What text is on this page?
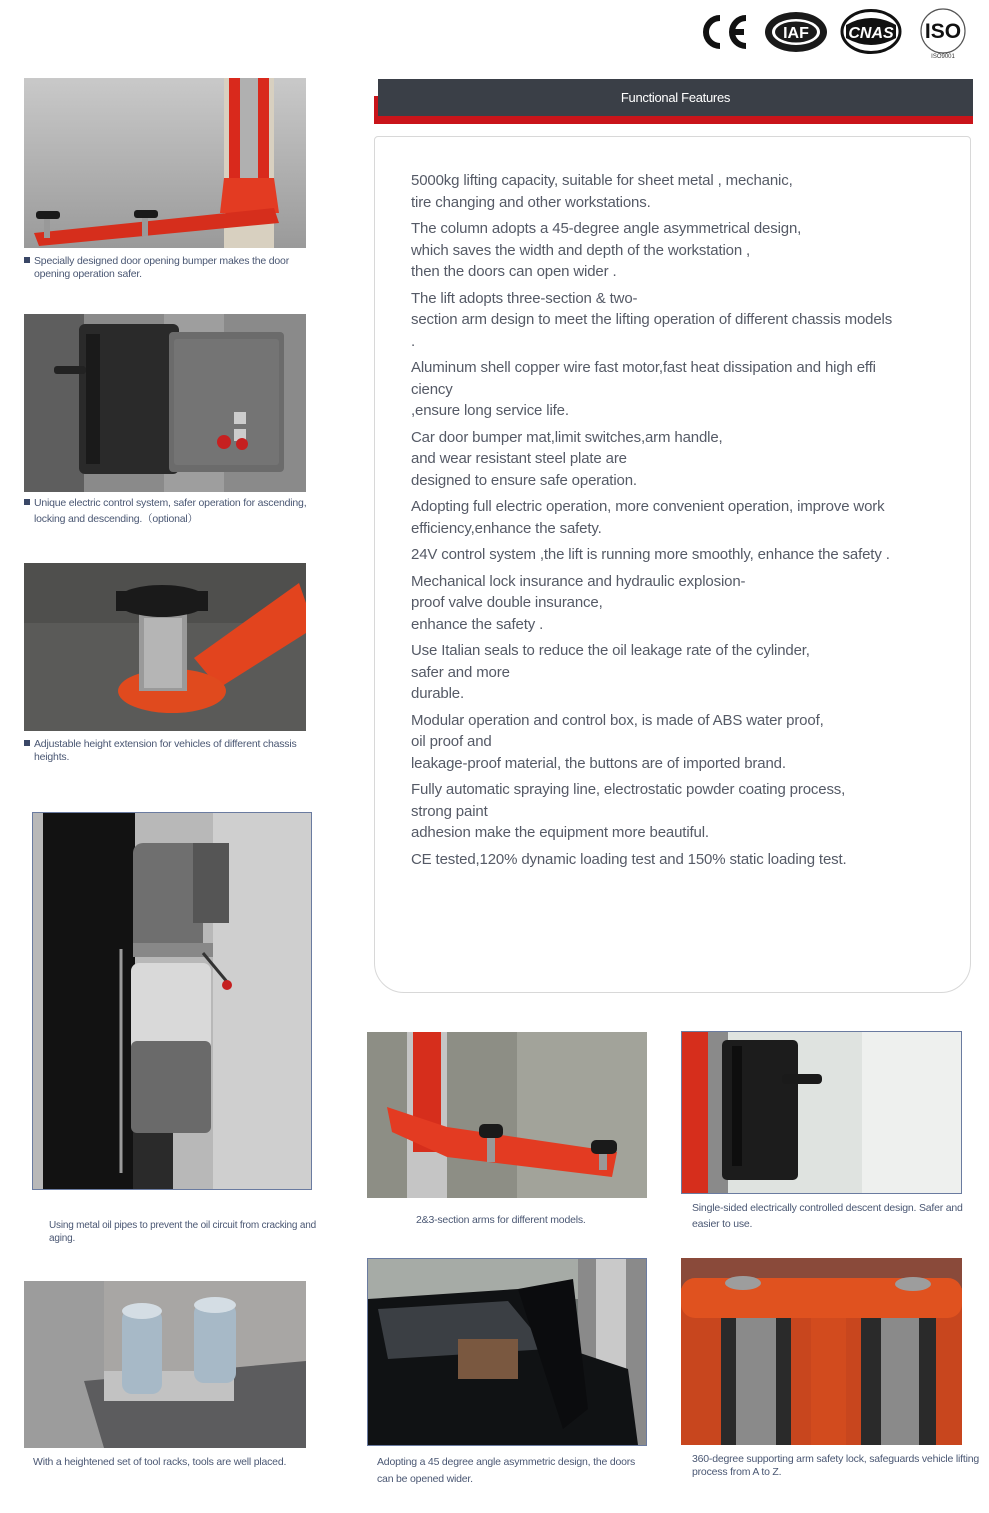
IAF CNAS ISO
ISO9001
Functional Features
5000kg lifting capacity, suitable for sheet metal , mechanic,
tire changing and other workstations.
The column adopts a 45-degree angle asymmetrical design,
which saves the width and depth of the workstation ,
then the doors can open wider .
The lift adopts three-section & two-
section arm design to meet the lifting operation of different chassis models
.
Aluminum shell copper wire fast motor,fast heat dissipation and high effi
ciency
,ensure long service life.
Car door bumper mat,limit switches,arm handle,
and wear resistant steel plate are
designed to ensure safe operation.
Adopting full electric operation, more convenient operation, improve work
efficiency,enhance the safety.
24V control system ,the lift is running more smoothly, enhance the safety .
Mechanical lock insurance and hydraulic explosion-
proof valve double insurance,
enhance the safety .
Use Italian seals to reduce the oil leakage rate of the cylinder,
safer and more
durable.
Modular operation and control box, is made of ABS water proof,
oil proof and
leakage-proof material, the buttons are of imported brand.
Fully automatic spraying line, electrostatic powder coating process,
strong paint
adhesion make the equipment more beautiful.
CE tested,120% dynamic loading test and 150% static loading test.
Specially designed door opening bumper makes the door
opening operation safer.
Unique electric control system, safer operation for ascending,
locking and descending.（optional）
Adjustable height extension for vehicles of different chassis
heights.
Using metal oil pipes to prevent the oil circuit from cracking and aging.
With a heightened set of tool racks, tools are well placed.
2&3-section arms for different models.
Single-sided electrically controlled descent design. Safer and
easier to use.
Adopting a 45 degree angle asymmetric design, the doors
can be opened wider.
360-degree supporting arm safety lock, safeguards vehicle lifting
process from A to Z.
